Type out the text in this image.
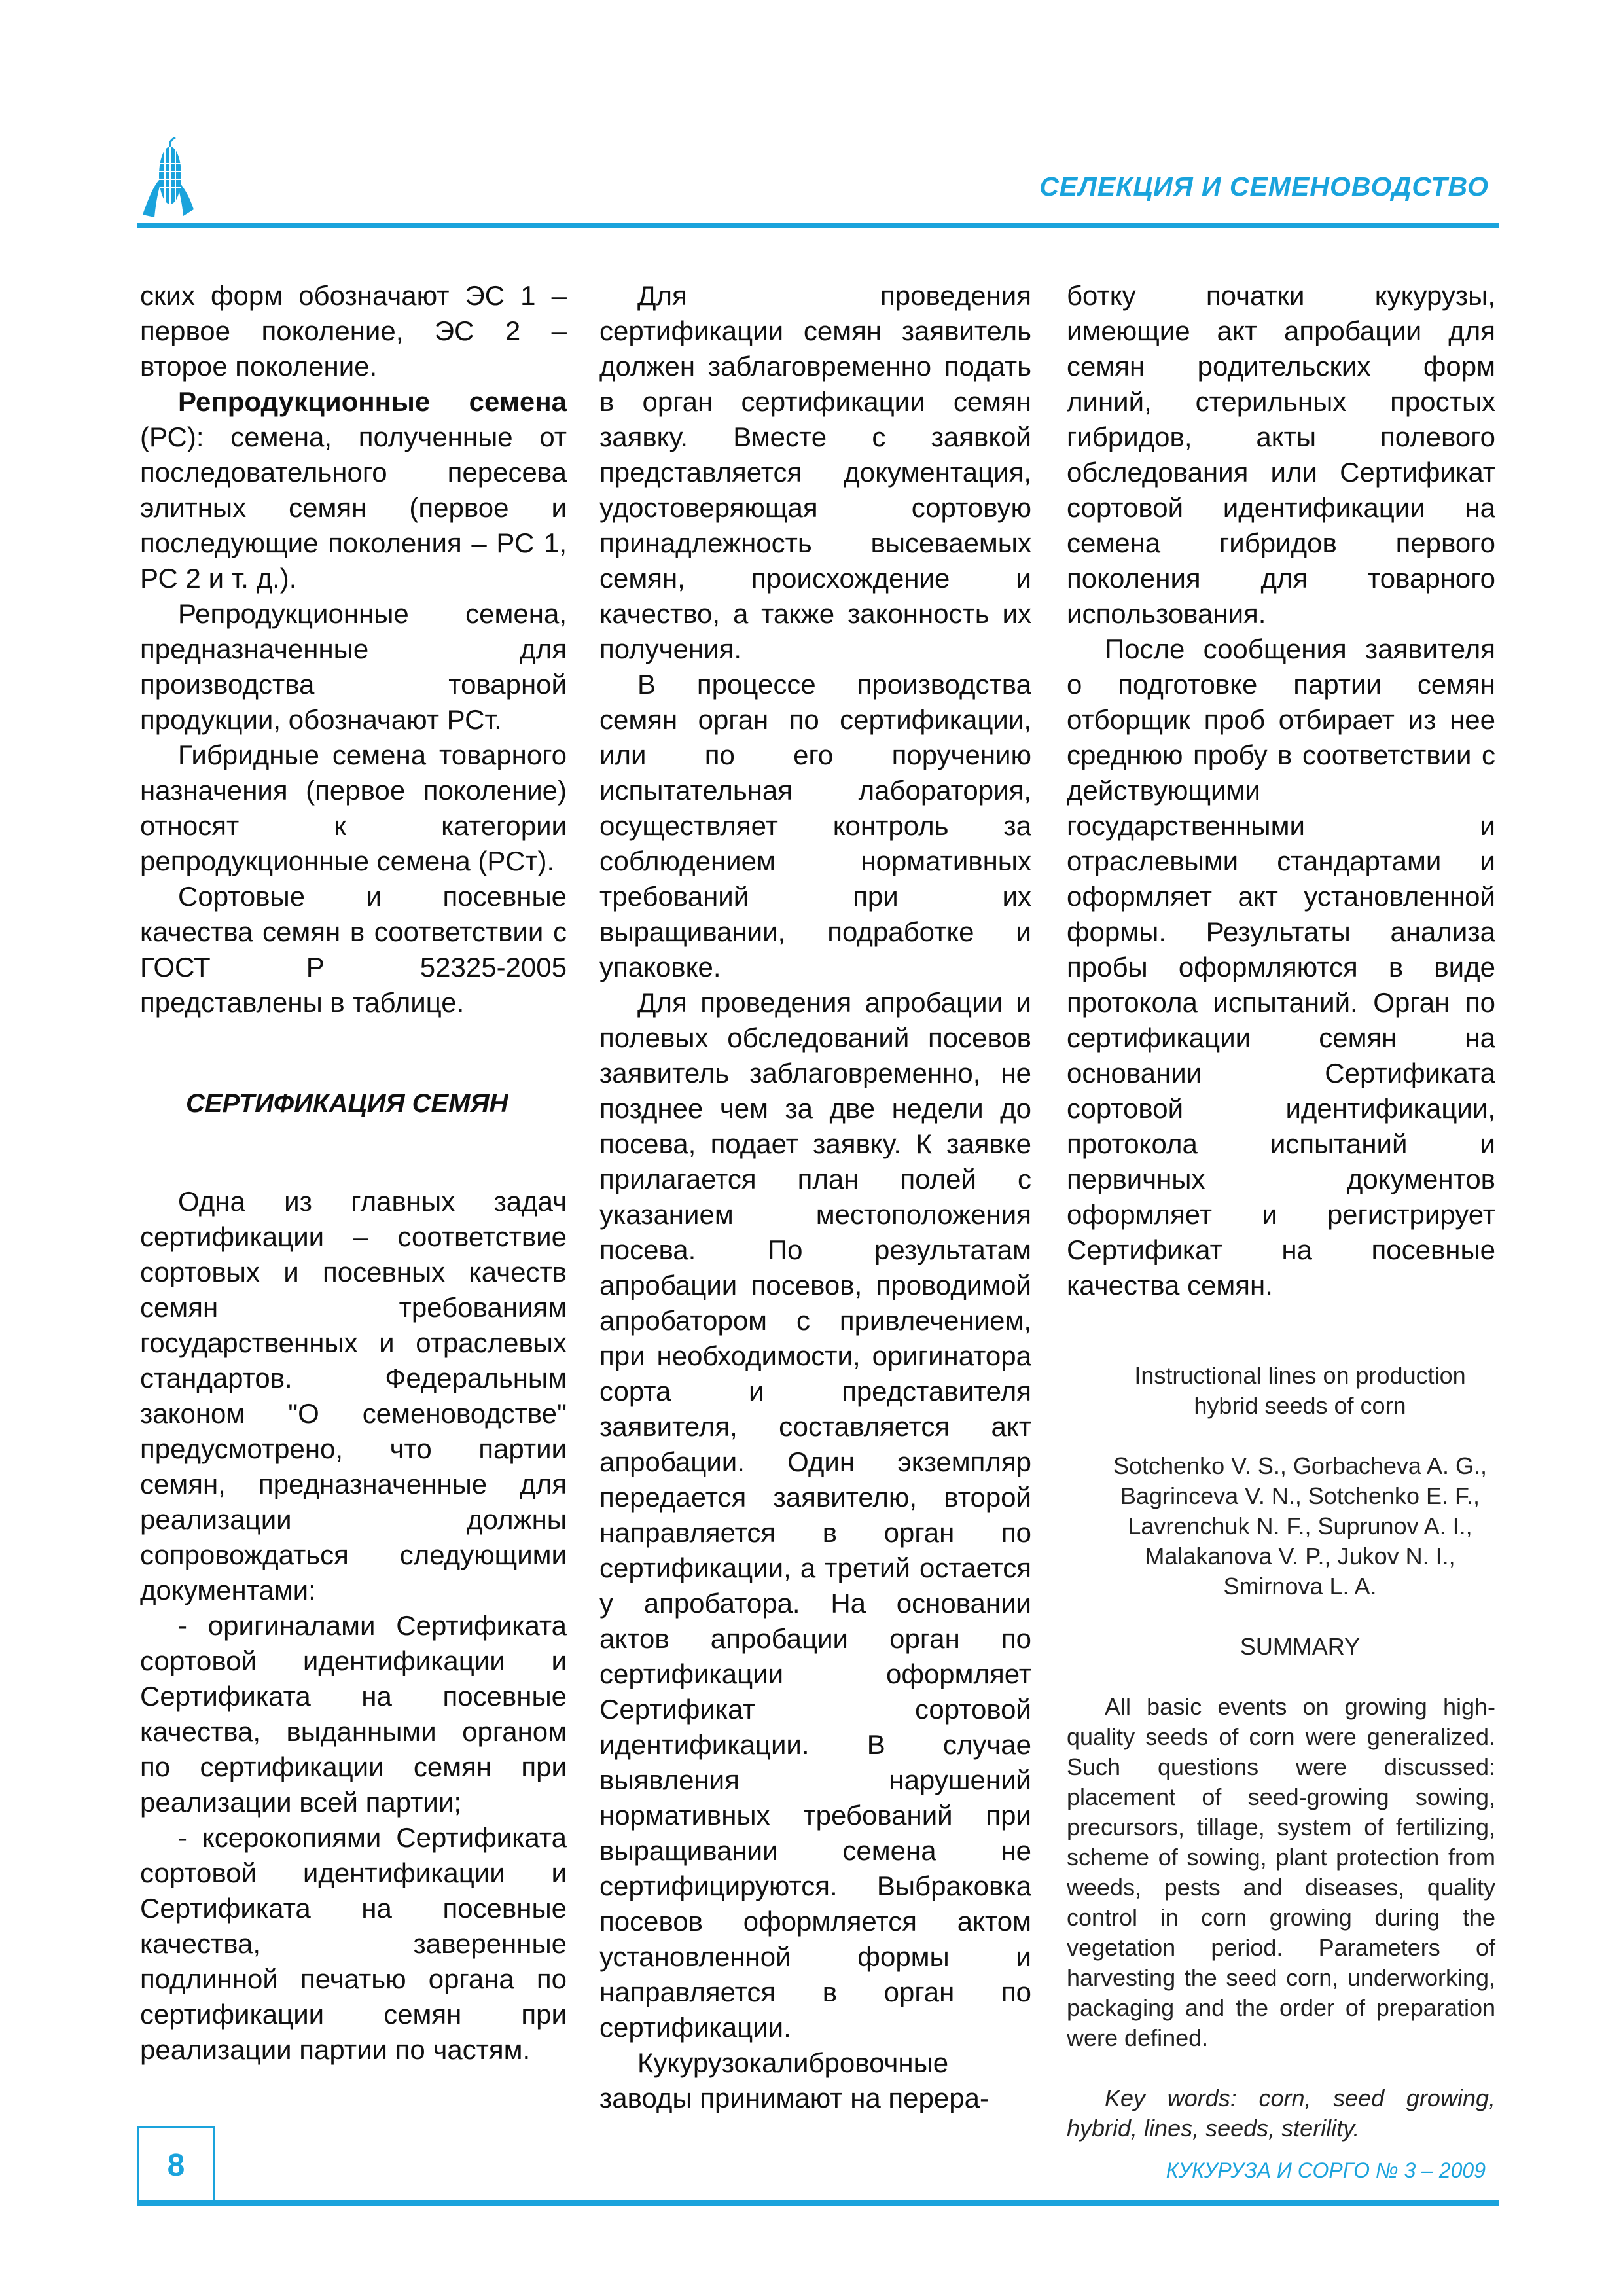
СЕЛЕКЦИЯ И СЕМЕНОВОДСТВО

ских форм обозначают ЭС 1 – первое поколение, ЭС 2 – второе поколение.

Репродукционные семена (РС): семена, полученные от последовательного пересева элитных семян (первое и последующие поколения – РС 1, РС 2 и т. д.).

Репродукционные семена, предназначенные для производства товарной продукции, обозначают РСт.

Гибридные семена товарного назначения (первое поколение) относят к категории репродукционные семена (РСт).

Сортовые и посевные качества семян в соответствии с ГОСТ Р 52325-2005 представлены в таблице.

СЕРТИФИКАЦИЯ СЕМЯН

Одна из главных задач сертификации – соответствие сортовых и посевных качеств семян требованиям государственных и отраслевых стандартов. Федеральным законом "О семеноводстве" предусмотрено, что партии семян, предназначенные для реализации должны сопровождаться следующими документами:

- оригиналами Сертификата сортовой идентификации и Сертификата на посевные качества, выданными органом по сертификации семян при реализации всей партии;

- ксерокопиями Сертификата сортовой идентификации и Сертификата на посевные качества, заверенные подлинной печатью органа по сертификации семян при реализации партии по частям.

Для проведения сертификации семян заявитель должен заблаговременно подать в орган сертификации семян заявку. Вместе с заявкой представляется документация, удостоверяющая сортовую принадлежность высеваемых семян, происхождение и качество, а также законность их получения.

В процессе производства семян орган по сертификации, или по его поручению испытательная лаборатория, осуществляет контроль за соблюдением нормативных требований при их выращивании, подработке и упаковке.

Для проведения апробации и полевых обследований посевов заявитель заблаговременно, не позднее чем за две недели до посева, подает заявку. К заявке прилагается план полей с указанием местоположения посева. По результатам апробации посевов, проводимой апробатором с привлечением, при необходимости, оригинатора сорта и представителя заявителя, составляется акт апробации. Один экземпляр передается заявителю, второй направляется в орган по сертификации, а третий остается у апробатора. На основании актов апробации орган по сертификации оформляет Сертификат сортовой идентификации. В случае выявления нарушений нормативных требований при выращивании семена не сертифицируются. Выбраковка посевов оформляется актом установленной формы и направляется в орган по сертификации.

Кукурузокалибровочные заводы принимают на перера-

ботку початки кукурузы, имеющие акт апробации для семян родительских форм линий, стерильных простых гибридов, акты полевого обследования или Сертификат сортовой идентификации на семена гибридов первого поколения для товарного использования.

После сообщения заявителя о подготовке партии семян отборщик проб отбирает из нее среднюю пробу в соответствии с действующими государственными и отраслевыми стандартами и оформляет акт установленной формы. Результаты анализа пробы оформляются в виде протокола испытаний. Орган по сертификации семян на основании Сертификата сортовой идентификации, протокола испытаний и первичных документов оформляет и регистрирует Сертификат на посевные качества семян.

Instructional lines on production

hybrid seeds of corn

Sotchenko V. S., Gorbacheva A. G.,

Bagrinceva V. N., Sotchenko E. F.,

Lavrenchuk N. F., Suprunov A. I.,

Malakanova V. P., Jukov N. I.,

Smirnova L. A.

SUMMARY

All basic events on growing high-quality seeds of corn were generalized. Such questions were discussed: placement of seed-growing sowing, precursors, tillage, system of fertilizing, scheme of sowing, plant protection from weeds, pests and diseases, quality control in corn growing during the vegetation period. Parameters of harvesting the seed corn, underworking, packaging and the order of preparation were defined.

Key words: corn, seed growing, hybrid, lines, seeds, sterility.

8	КУКУРУЗА И СОРГО № 3 – 2009
